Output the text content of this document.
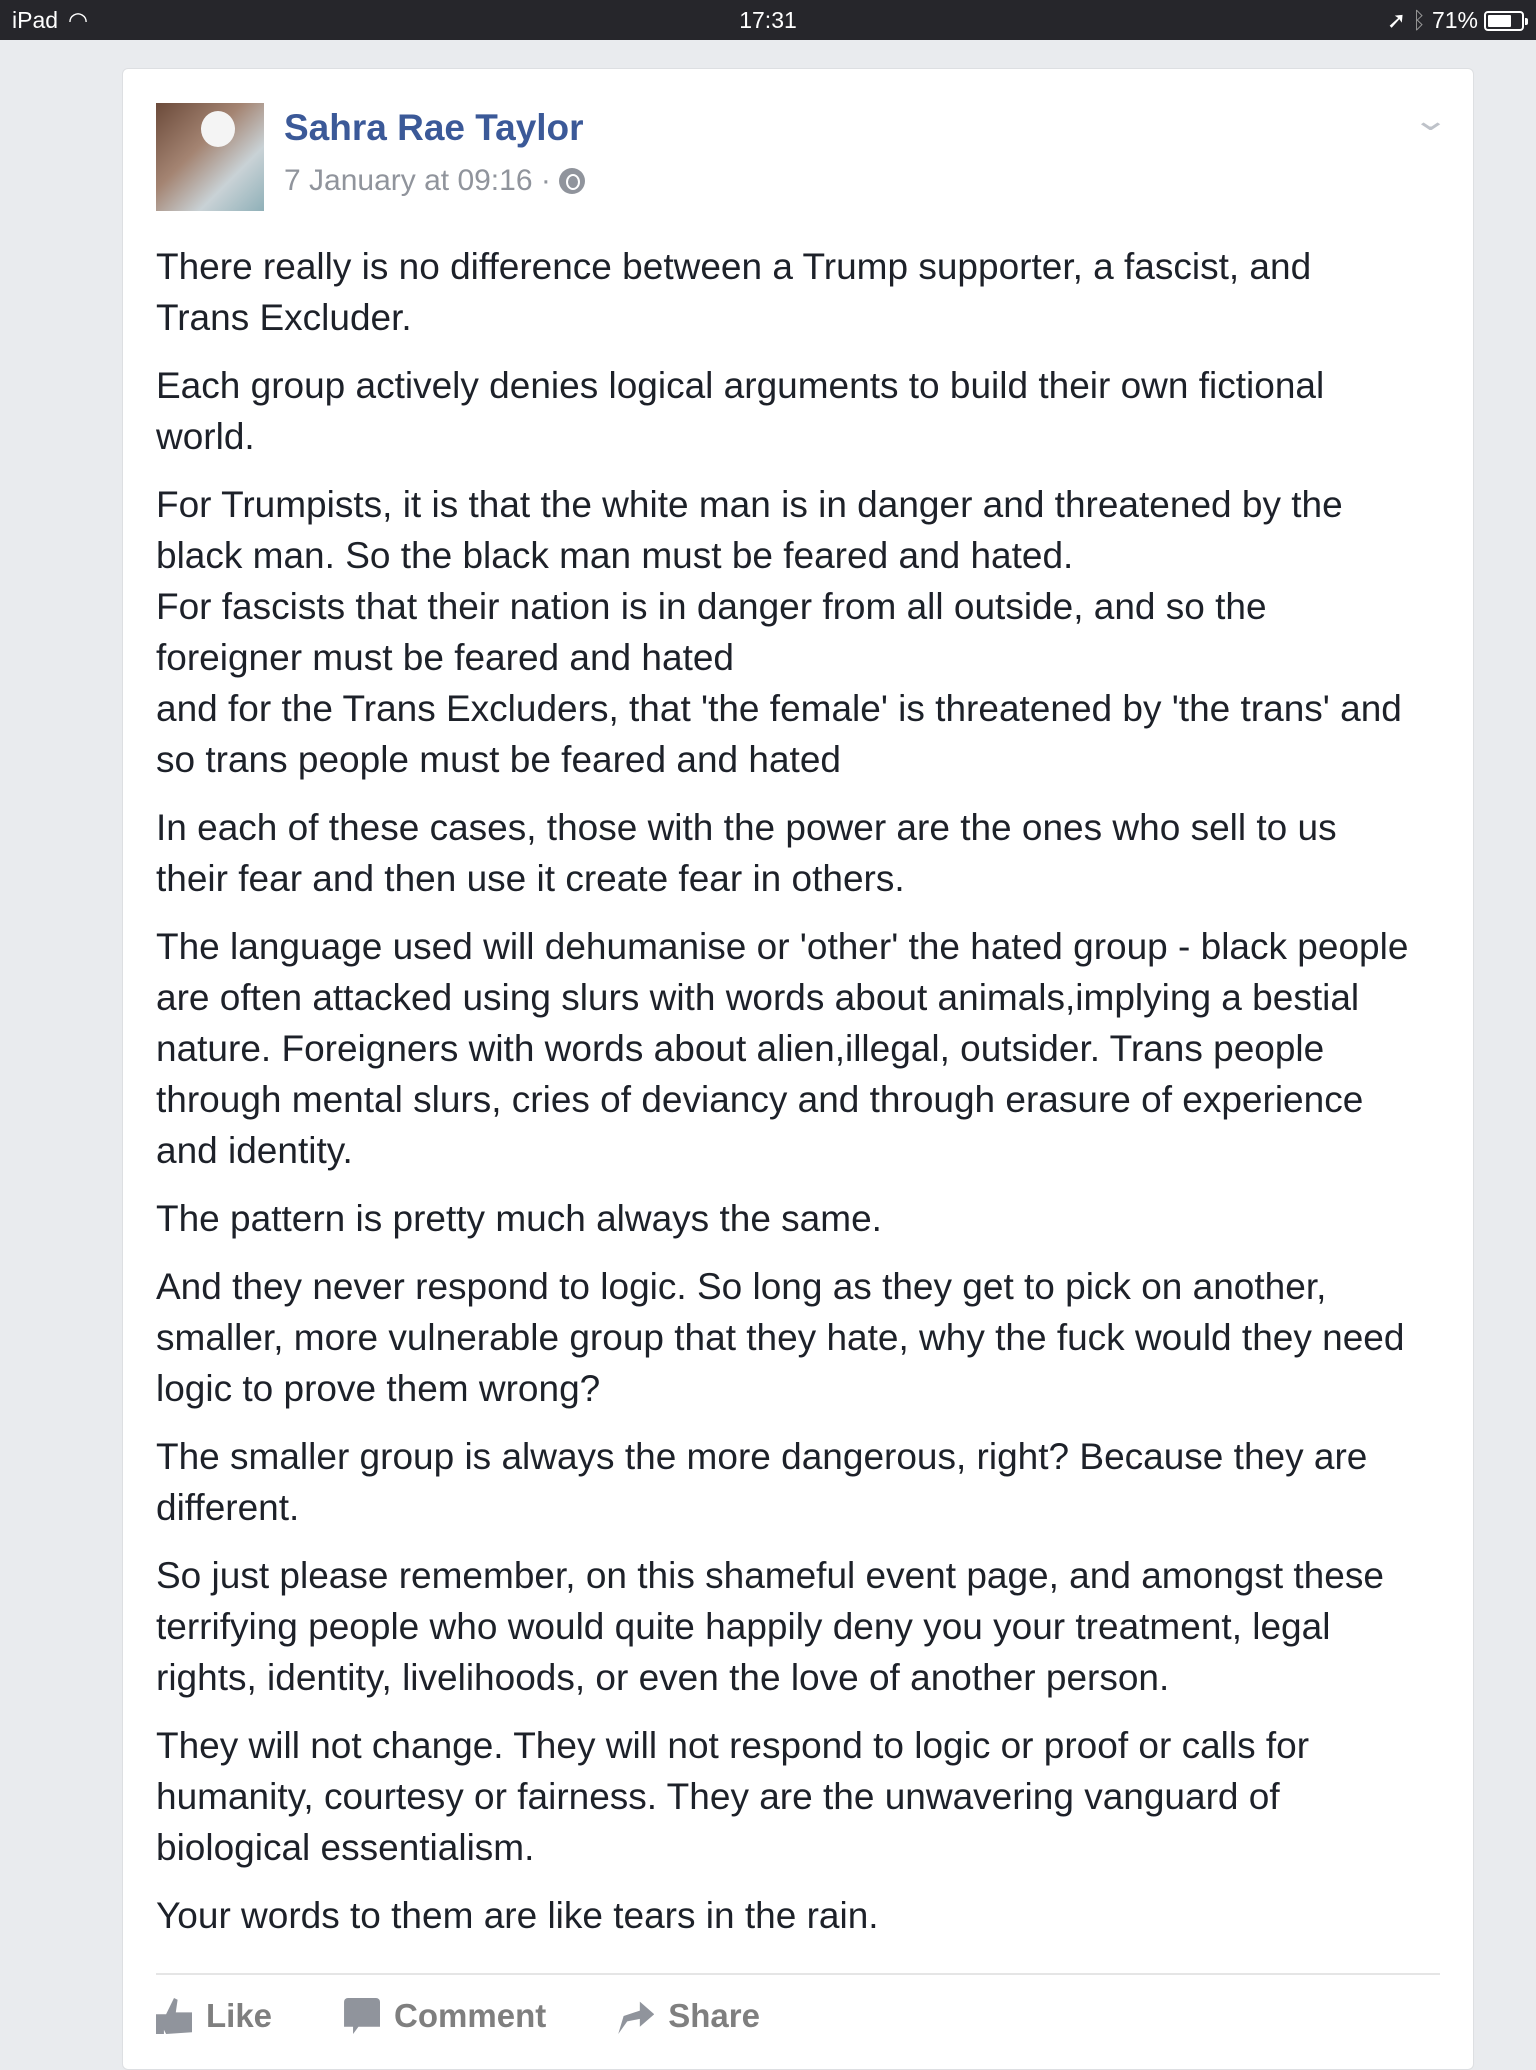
iPad ◠	17:31	➚ ᛒ 71%
Sahra Rae Taylor
7 January at 09:16 ·
⌄
There really is no difference between a Trump supporter, a fascist, and
Trans Excluder.
Each group actively denies logical arguments to build their own fictional
world.
For Trumpists, it is that the white man is in danger and threatened by the
black man. So the black man must be feared and hated.
For fascists that their nation is in danger from all outside, and so the
foreigner must be feared and hated
and for the Trans Excluders, that 'the female' is threatened by 'the trans' and
so trans people must be feared and hated
In each of these cases, those with the power are the ones who sell to us
their fear and then use it create fear in others.
The language used will dehumanise or 'other' the hated group - black people
are often attacked using slurs with words about animals,implying a bestial
nature. Foreigners with words about alien,illegal, outsider. Trans people
through mental slurs, cries of deviancy and through erasure of experience
and identity.
The pattern is pretty much always the same.
And they never respond to logic. So long as they get to pick on another,
smaller, more vulnerable group that they hate, why the fuck would they need
logic to prove them wrong?
The smaller group is always the more dangerous, right? Because they are
different.
So just please remember, on this shameful event page, and amongst these
terrifying people who would quite happily deny you your treatment, legal
rights, identity, livelihoods, or even the love of another person.
They will not change. They will not respond to logic or proof or calls for
humanity, courtesy or fairness. They are the unwavering vanguard of
biological essentialism.
Your words to them are like tears in the rain.
Like	Comment	Share
